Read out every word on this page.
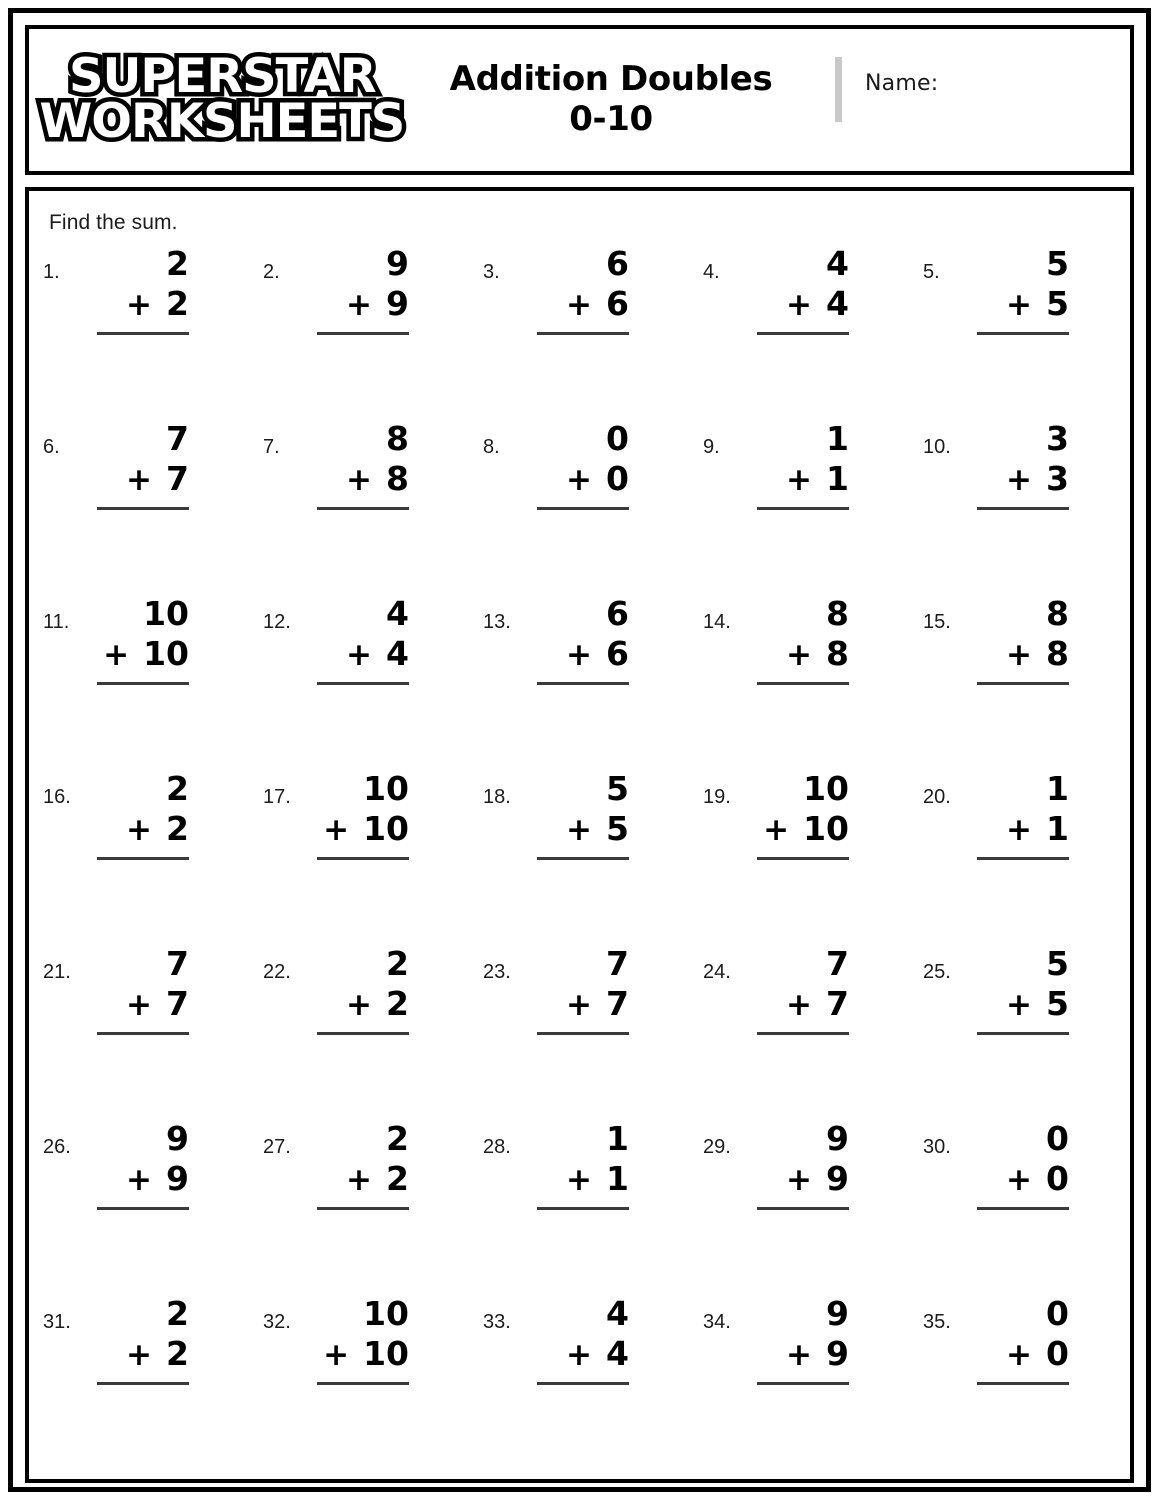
SUPERSTAR
WORKSHEETS
Addition Doubles
0-10
Name:
Find the sum.
1.	2
+ 2
2.	9
+ 9
3.	6
+ 6
4.	4
+ 4
5.	5
+ 5
6.	7
+ 7
7.	8
+ 8
8.	0
+ 0
9.	1
+ 1
10.	3
+ 3
11. 10
+ 10
12.	4
+ 4
13.	6
+ 6
14.	8
+ 8
15.	8
+ 8
16.	2
+ 2
17. 10
+ 10
18.	5
+ 5
19. 10
+ 10
20.	1
+ 1
21.	7
+ 7
22.	2
+ 2
23.	7
+ 7
24.	7
+ 7
25.	5
+ 5
26.	9
+ 9
27.	2
+ 2
28.	1
+ 1
29.	9
+ 9
30.	0
+ 0
31.	2
+ 2
32. 10
+ 10
33.	4
+ 4
34.	9
+ 9
35.	0
+ 0
